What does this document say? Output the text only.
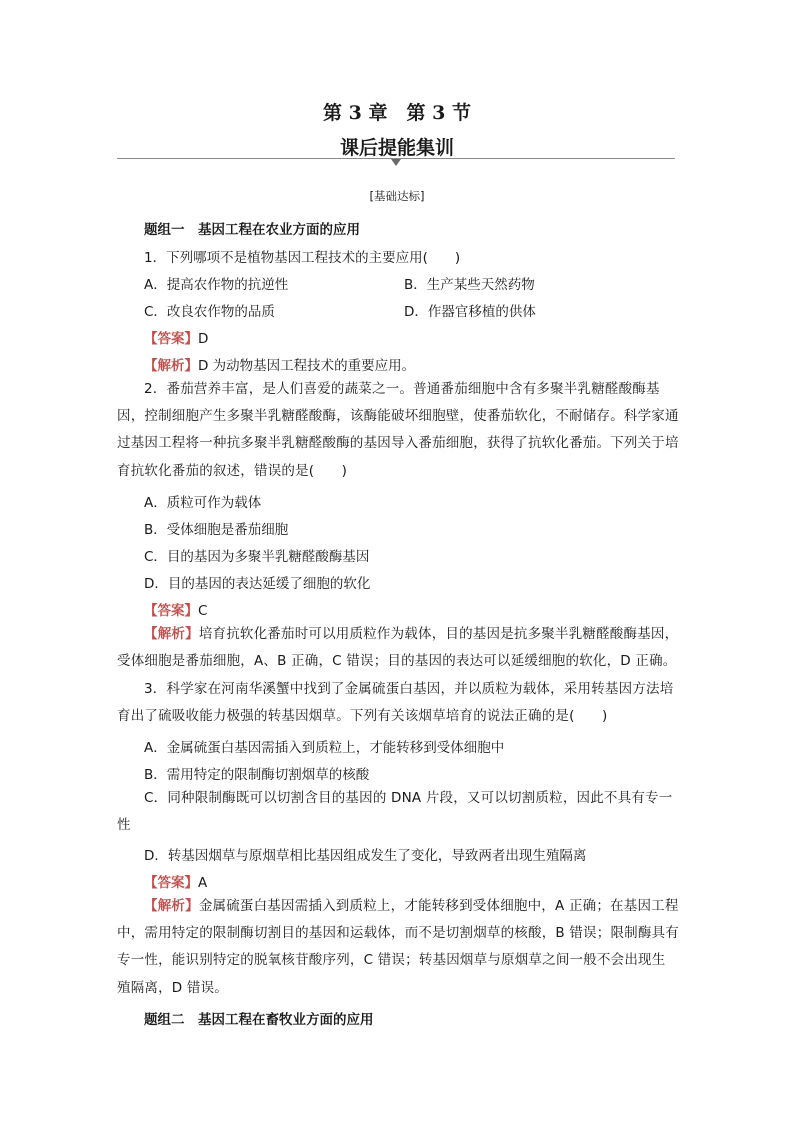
第 3 章　第 3 节
课后提能集训
[基础达标]
题组一　基因工程在农业方面的应用
1．下列哪项不是植物基因工程技术的主要应用(　　)
A．提高农作物的抗逆性	B．生产某些天然药物
C．改良农作物的品质	D．作器官移植的供体
【答案】D
【解析】D 为动物基因工程技术的重要应用。
2．番茄营养丰富，是人们喜爱的蔬菜之一。普通番茄细胞中含有多聚半乳糖醛酸酶基因，控制细胞产生多聚半乳糖醛酸酶，该酶能破坏细胞壁，使番茄软化，不耐储存。科学家通过基因工程将一种抗多聚半乳糖醛酸酶的基因导入番茄细胞，获得了抗软化番茄。下列关于培育抗软化番茄的叙述，错误的是(　　)
A．质粒可作为载体
B．受体细胞是番茄细胞
C．目的基因为多聚半乳糖醛酸酶基因
D．目的基因的表达延缓了细胞的软化
【答案】C
【解析】培育抗软化番茄时可以用质粒作为载体，目的基因是抗多聚半乳糖醛酸酶基因，受体细胞是番茄细胞，A、B 正确，C 错误；目的基因的表达可以延缓细胞的软化，D 正确。
3．科学家在河南华溪蟹中找到了金属硫蛋白基因，并以质粒为载体，采用转基因方法培育出了硫吸收能力极强的转基因烟草。下列有关该烟草培育的说法正确的是(　　)
A．金属硫蛋白基因需插入到质粒上，才能转移到受体细胞中
B．需用特定的限制酶切割烟草的核酸
C．同种限制酶既可以切割含目的基因的 DNA 片段，又可以切割质粒，因此不具有专一性
D．转基因烟草与原烟草相比基因组成发生了变化，导致两者出现生殖隔离
【答案】A
【解析】金属硫蛋白基因需插入到质粒上，才能转移到受体细胞中，A 正确；在基因工程中，需用特定的限制酶切割目的基因和运载体，而不是切割烟草的核酸，B 错误；限制酶具有专一性，能识别特定的脱氧核苷酸序列，C 错误；转基因烟草与原烟草之间一般不会出现生殖隔离，D 错误。
题组二　基因工程在畜牧业方面的应用
